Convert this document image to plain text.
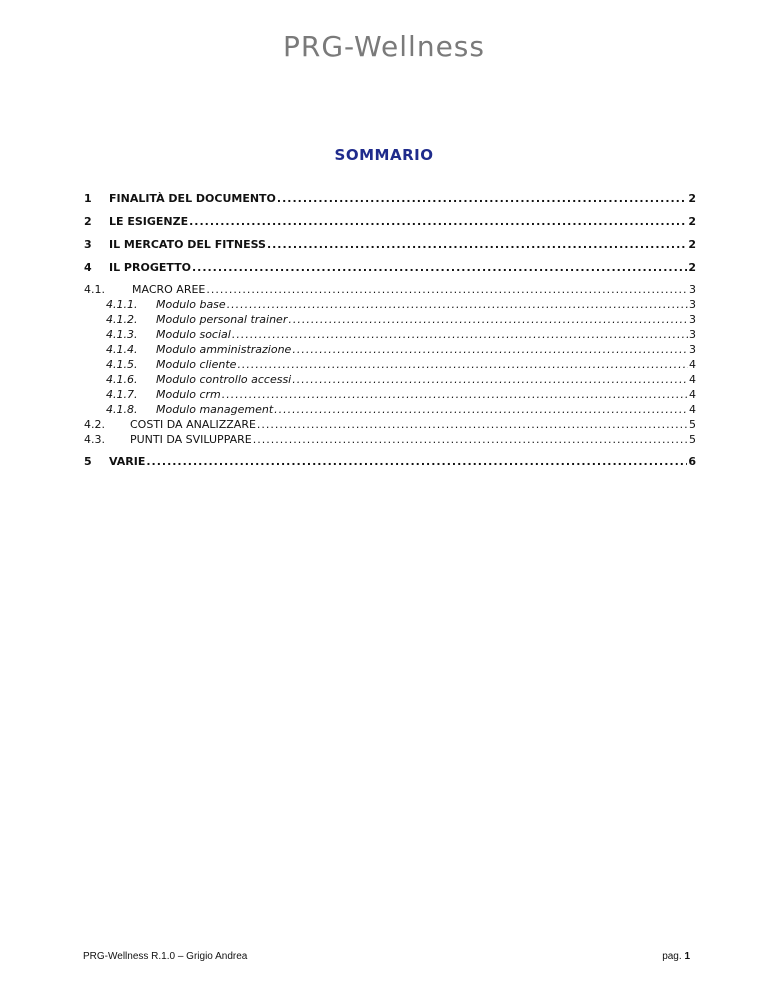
PRG-Wellness
SOMMARIO
1	FINALITÀ DEL DOCUMENTO .....	2
2	LE ESIGENZE .....	2
3	IL MERCATO DEL FITNESS .....	2
4	IL PROGETTO .....	2
4.1.	MACRO AREE .....	3
4.1.1.	Modulo base .....	3
4.1.2.	Modulo personal trainer .....	3
4.1.3.	Modulo social .....	3
4.1.4.	Modulo amministrazione .....	3
4.1.5.	Modulo cliente .....	4
4.1.6.	Modulo controllo accessi .....	4
4.1.7.	Modulo crm .....	4
4.1.8.	Modulo management .....	4
4.2.	COSTI DA ANALIZZARE .....	5
4.3.	PUNTI DA SVILUPPARE .....	5
5	VARIE .....	6
PRG-Wellness R.1.0 – Grigio Andrea	pag. 1
